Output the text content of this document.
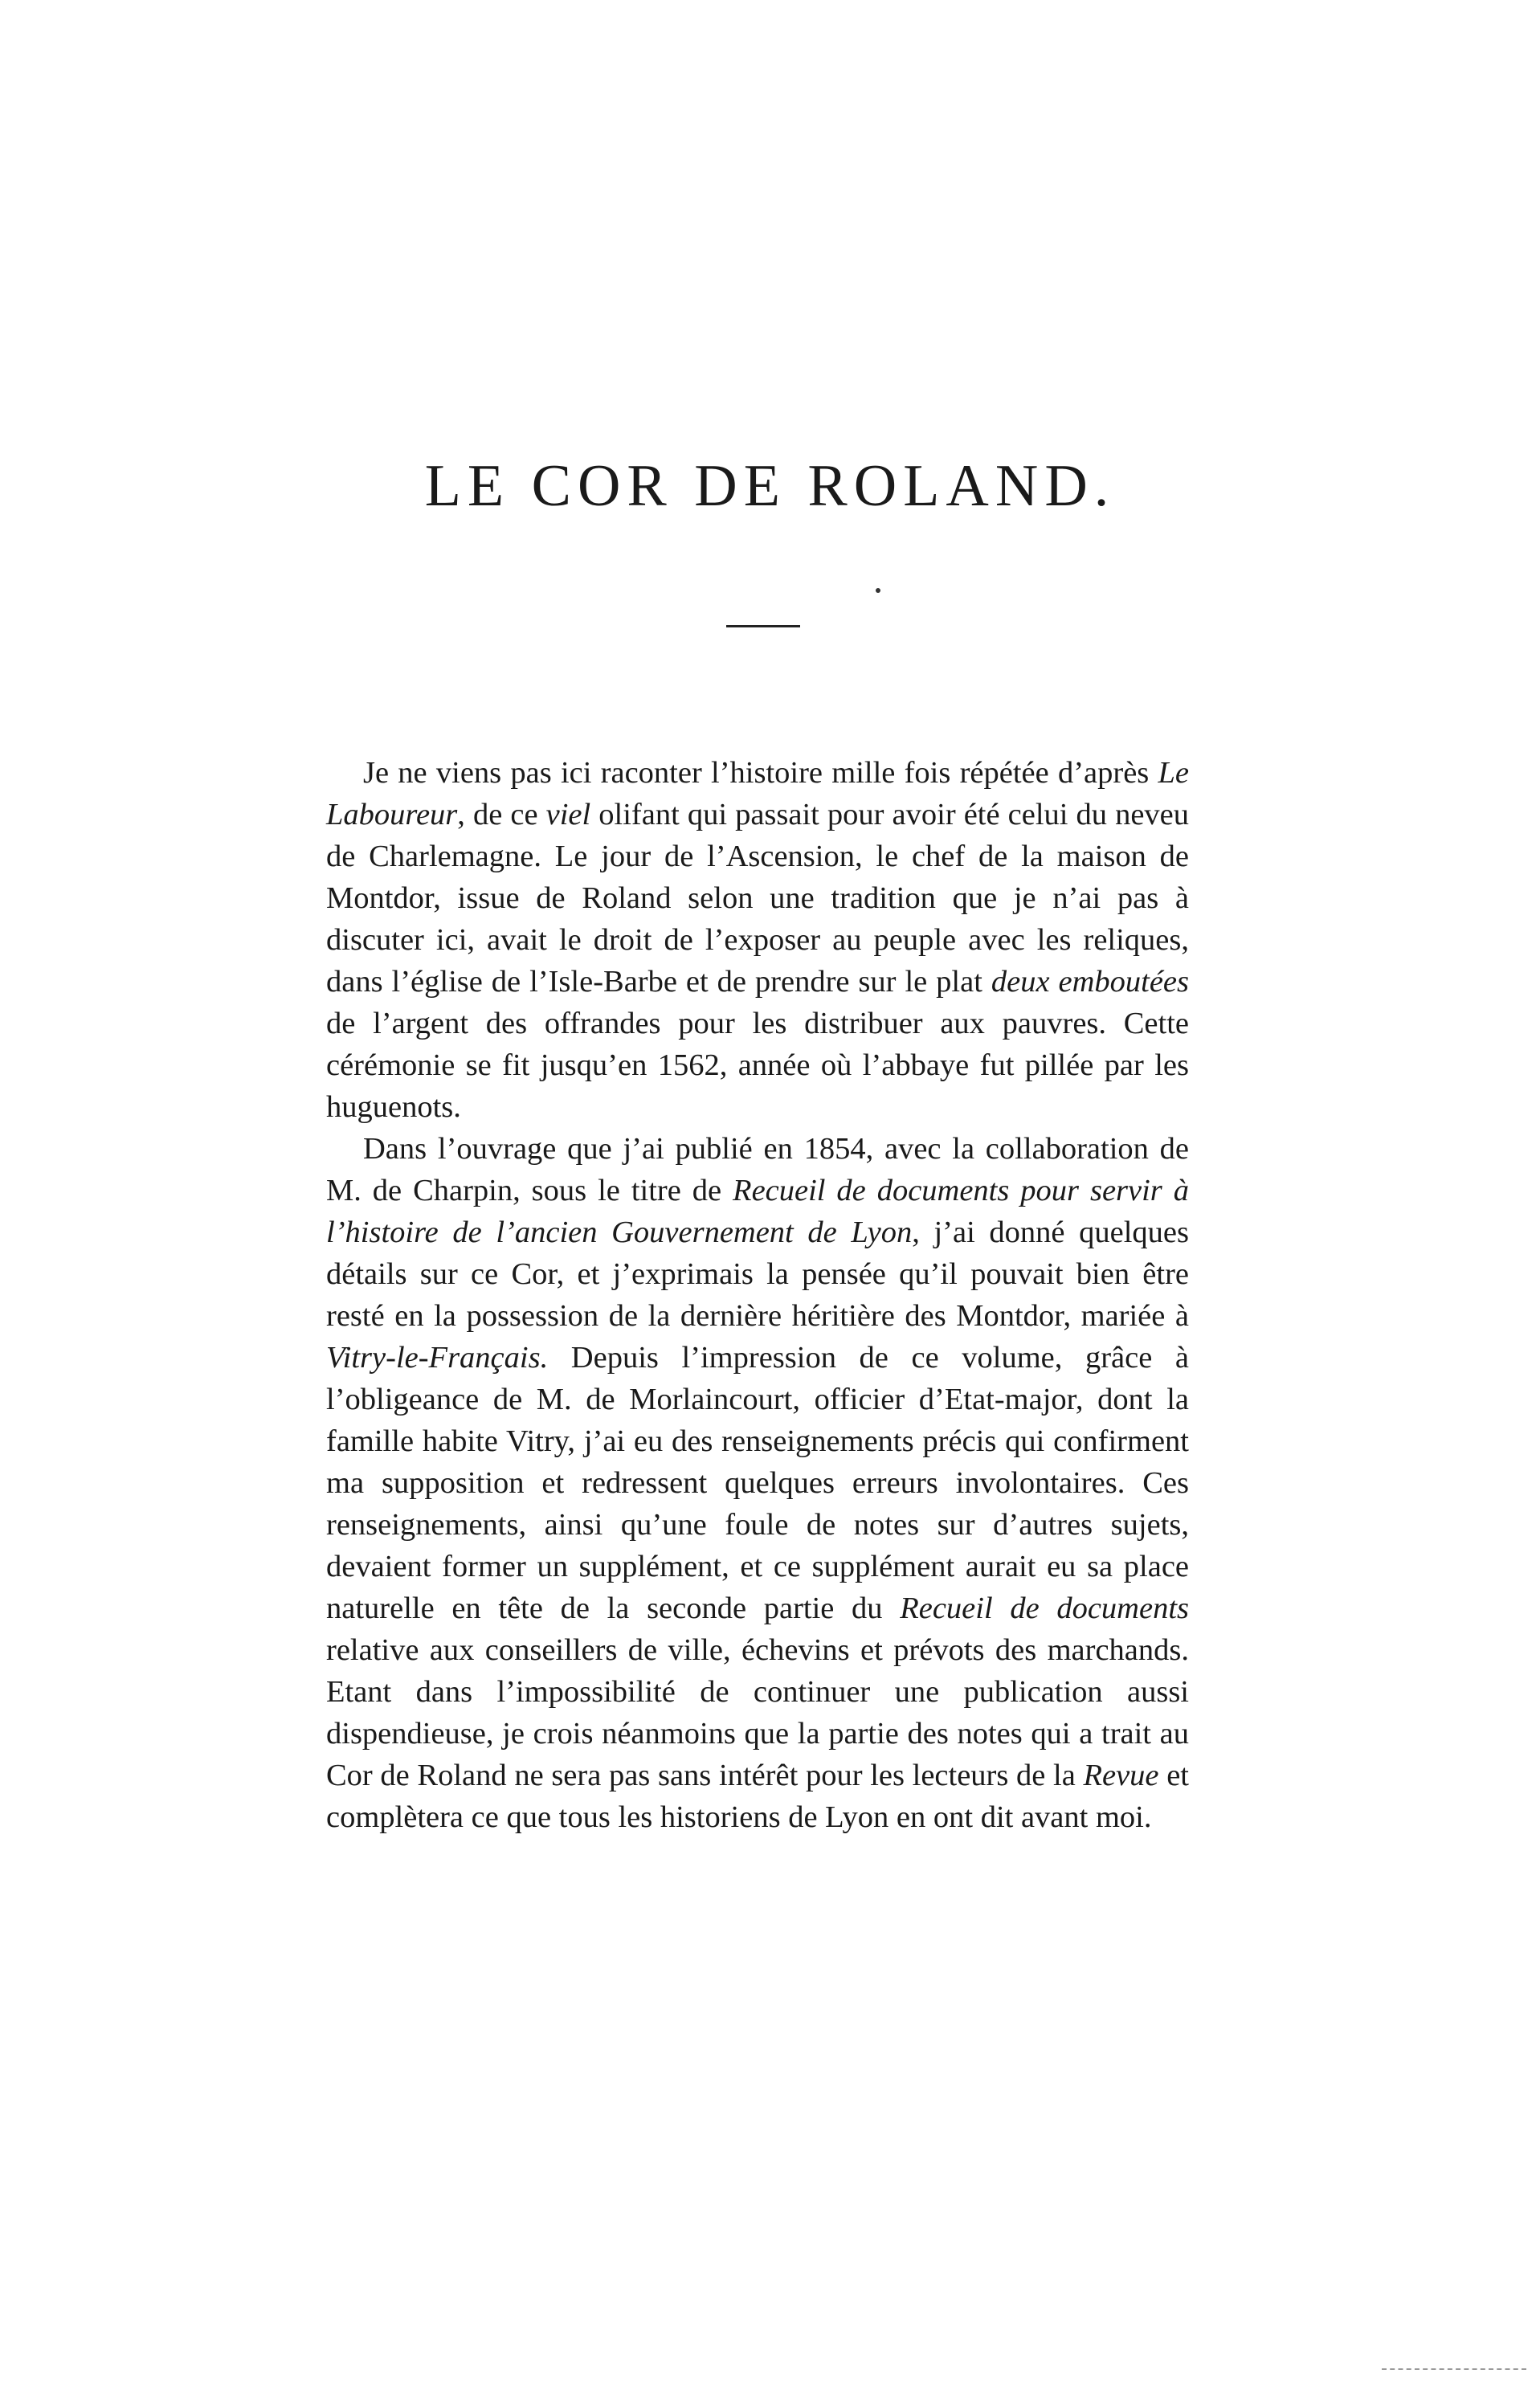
LE COR DE ROLAND.

Je ne viens pas ici raconter l’histoire mille fois répétée d’après Le Laboureur, de ce viel olifant qui passait pour avoir été celui du neveu de Charlemagne. Le jour de l’Ascension, le chef de la maison de Montdor, issue de Roland selon une tradition que je n’ai pas à discuter ici, avait le droit de l’exposer au peuple avec les reliques, dans l’église de l’Isle-Barbe et de prendre sur le plat deux emboutées de l’argent des offrandes pour les distribuer aux pauvres. Cette cérémonie se fit jusqu’en 1562, année où l’abbaye fut pillée par les huguenots.

Dans l’ouvrage que j’ai publié en 1854, avec la collaboration de M. de Charpin, sous le titre de Recueil de documents pour servir à l’histoire de l’ancien Gouvernement de Lyon, j’ai donné quelques détails sur ce Cor, et j’exprimais la pensée qu’il pouvait bien être resté en la possession de la dernière héritière des Montdor, mariée à Vitry-le-Français. Depuis l’impression de ce volume, grâce à l’obligeance de M. de Morlaincourt, officier d’Etat-major, dont la famille habite Vitry, j’ai eu des renseignements précis qui confirment ma supposition et redressent quelques erreurs involontaires. Ces renseignements, ainsi qu’une foule de notes sur d’autres sujets, devaient former un supplément, et ce supplément aurait eu sa place naturelle en tête de la seconde partie du Recueil de documents relative aux conseillers de ville, échevins et prévots des marchands. Etant dans l’impossibilité de continuer une publication aussi dispendieuse, je crois néanmoins que la partie des notes qui a trait au Cor de Roland ne sera pas sans intérêt pour les lecteurs de la Revue et complètera ce que tous les historiens de Lyon en ont dit avant moi.
